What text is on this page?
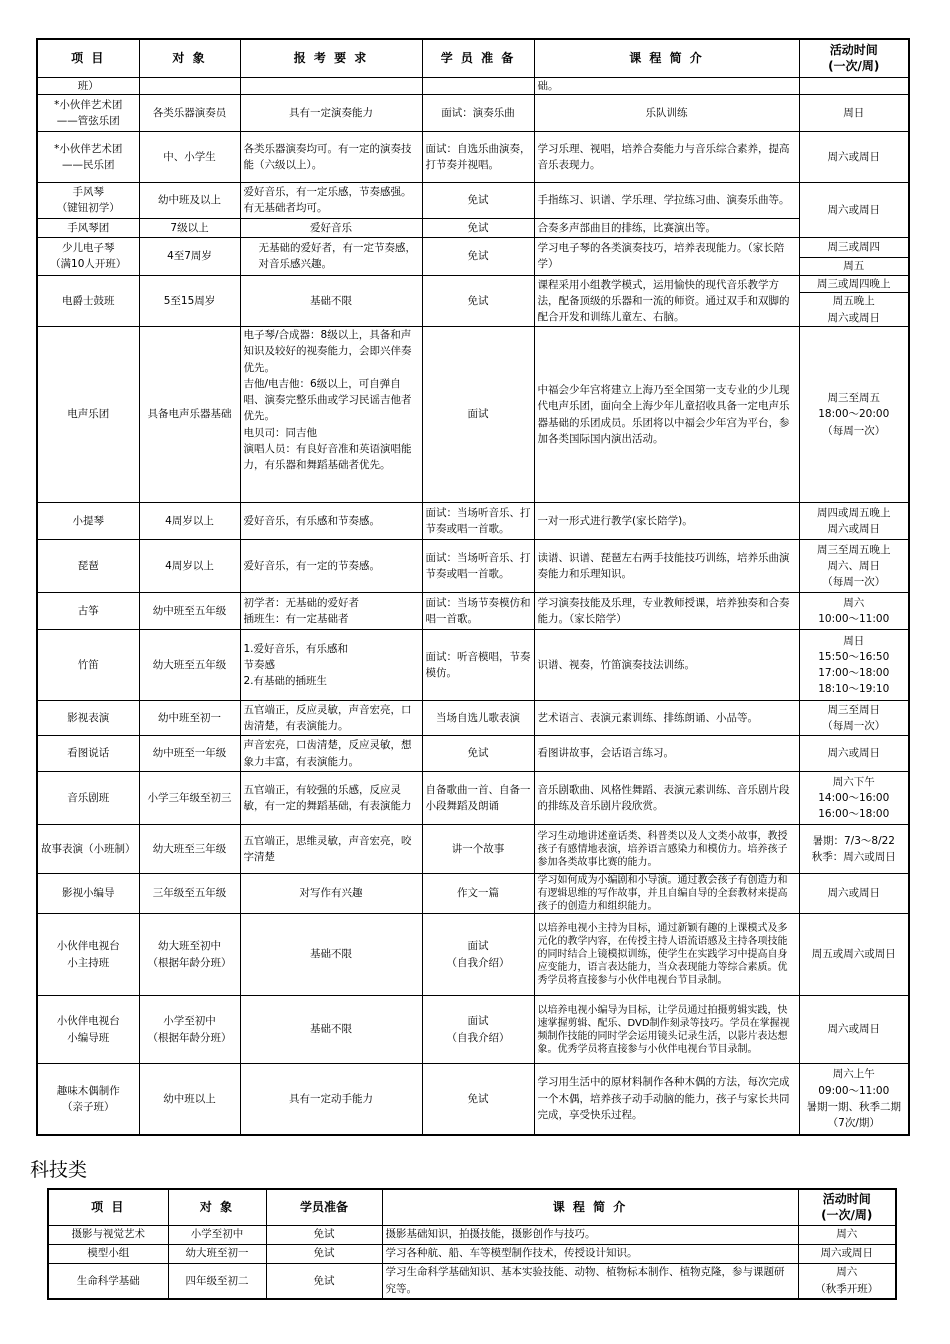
项 目	对 象	报 考 要 求	学 员 准 备	课 程 简 介	活动时间
(一次/周)
班）				础。	
*小伙伴艺术团
——管弦乐团	各类乐器演奏员	具有一定演奏能力	面试：演奏乐曲	乐队训练	周日
*小伙伴艺术团
——民乐团	中、小学生	各类乐器演奏均可。有一定的演奏技能（六级以上）。	面试：自选乐曲演奏，打节奏并视唱。	学习乐理、视唱，培养合奏能力与音乐综合素养，提高音乐表现力。	周六或周日
手风琴
（键钮初学）	幼中班及以上	爱好音乐，有一定乐感，节奏感强。有无基础者均可。	免试	手指练习、识谱、学乐理、学拉练习曲、演奏乐曲等。	周六或周日
手风琴团	7级以上	爱好音乐	免试	合奏多声部曲目的排练，比赛演出等。	
少儿电子琴
（满10人开班）	4至7周岁	无基础的爱好者，有一定节奏感，对音乐感兴趣。	免试	学习电子琴的各类演奏技巧，培养表现能力。（家长陪学）	周三或周四
					周五
电爵士鼓班	5至15周岁	基础不限	免试	课程采用小组教学模式，运用愉快的现代音乐教学方法，配备顶级的乐器和一流的师资。通过双手和双脚的配合开发和训练儿童左、右脑。	周三或周四晚上
					周五晚上
					周六或周日
电声乐团	具备电声乐器基础	电子琴/合成器：8级以上，具备和声知识及较好的视奏能力，会即兴伴奏优先。
吉他/电吉他：6级以上，可自弹自唱、演奏完整乐曲或学习民谣吉他者优先。
电贝司：同吉他
演唱人员：有良好音准和英语演唱能力，有乐器和舞蹈基础者优先。	面试	中福会少年宫将建立上海乃至全国第一支专业的少儿现代电声乐团，面向全上海少年儿童招收具备一定电声乐器基础的乐团成员。乐团将以中福会少年宫为平台，参加各类国际国内演出活动。	周三至周五
18:00～20:00
（每周一次）
小提琴	4周岁以上	爱好音乐，有乐感和节奏感。	面试：当场听音乐、打节奏或唱一首歌。	一对一形式进行教学(家长陪学)。	周四或周五晚上
周六或周日
琵琶	4周岁以上	爱好音乐，有一定的节奏感。	面试：当场听音乐、打节奏或唱一首歌。	读谱、识谱、琵琶左右两手技能技巧训练，培养乐曲演奏能力和乐理知识。	周三至周五晚上
周六、周日
（每周一次）
古筝	幼中班至五年级	初学者：无基础的爱好者
插班生：有一定基础者	面试：当场节奏模仿和唱一首歌。	学习演奏技能及乐理，专业教师授课，培养独奏和合奏能力。（家长陪学）	周六
10:00～11:00
竹笛	幼大班至五年级	1.爱好音乐，有乐感和
节奏感
2.有基础的插班生	面试：听音模唱，节奏模仿。	识谱、视奏，竹笛演奏技法训练。	周日
15:50～16:50
17:00～18:00
18:10～19:10
影视表演	幼中班至初一	五官端正，反应灵敏，声音宏亮，口齿清楚，有表演能力。	当场自选儿歌表演	艺术语言、表演元素训练、排练朗诵、小品等。	周三至周日
（每周一次）
看图说话	幼中班至一年级	声音宏亮，口齿清楚，反应灵敏，想象力丰富，有表演能力。	免试	看图讲故事，会话语言练习。	周六或周日
音乐剧班	小学三年级至初三	五官端正，有较强的乐感，反应灵敏，有一定的舞蹈基础，有表演能力	自备歌曲一首、自备一小段舞蹈及朗诵	音乐剧歌曲、风格性舞蹈、表演元素训练、音乐剧片段的排练及音乐剧片段欣赏。	周六下午
14:00～16:00
16:00～18:00
故事表演（小班制）	幼大班至三年级	五官端正，思维灵敏，声音宏亮，咬字清楚	讲一个故事	学习生动地讲述童话类、科普类以及人文类小故事，教授孩子有感情地表演，培养语言感染力和模仿力。培养孩子参加各类故事比赛的能力。	暑期：7/3～8/22
秋季：周六或周日
影视小编导	三年级至五年级	对写作有兴趣	作文一篇	学习如何成为小编剧和小导演。通过教会孩子有创造力和有逻辑思维的写作故事，并且自编自导的全套教材来提高孩子的创造力和组织能力。	周六或周日
小伙伴电视台
小主持班	幼大班至初中
（根据年龄分班）	基础不限	面试
（自我介绍）	以培养电视小主持为目标，通过新颖有趣的上课模式及多元化的教学内容，在传授主持人语流语感及主持各项技能的同时结合上镜模拟训练，使学生在实践学习中提高自身应变能力，语言表达能力，当众表现能力等综合素质。优秀学员将直接参与小伙伴电视台节目录制。	周五或周六或周日
小伙伴电视台
小编导班	小学至初中
（根据年龄分班）	基础不限	面试
（自我介绍）	以培养电视小编导为目标，让学员通过拍摄剪辑实践，快速掌握剪辑、配乐、DVD制作刻录等技巧。学员在掌握视频制作技能的同时学会运用镜头记录生活，以影片表达想象。优秀学员将直接参与小伙伴电视台节目录制。	周六或周日
趣味木偶制作
（亲子班）	幼中班以上	具有一定动手能力	免试	学习用生活中的原材料制作各种木偶的方法，每次完成一个木偶，培养孩子动手动脑的能力，孩子与家长共同完成，享受快乐过程。	周六上午
09:00～11:00
暑期一期、秋季二期
（7次/期）
科技类
项 目	对 象	学员准备	课 程 简 介	活动时间
(一次/周)
摄影与视觉艺术	小学至初中	免试	摄影基础知识，拍摄技能，摄影创作与技巧。	周六
模型小组	幼大班至初一	免试	学习各种航、船、车等模型制作技术，传授设计知识。	周六或周日
生命科学基础	四年级至初二	免试	学习生命科学基础知识、基本实验技能、动物、植物标本制作、植物克隆，参与课题研究等。	周六
（秋季开班）
